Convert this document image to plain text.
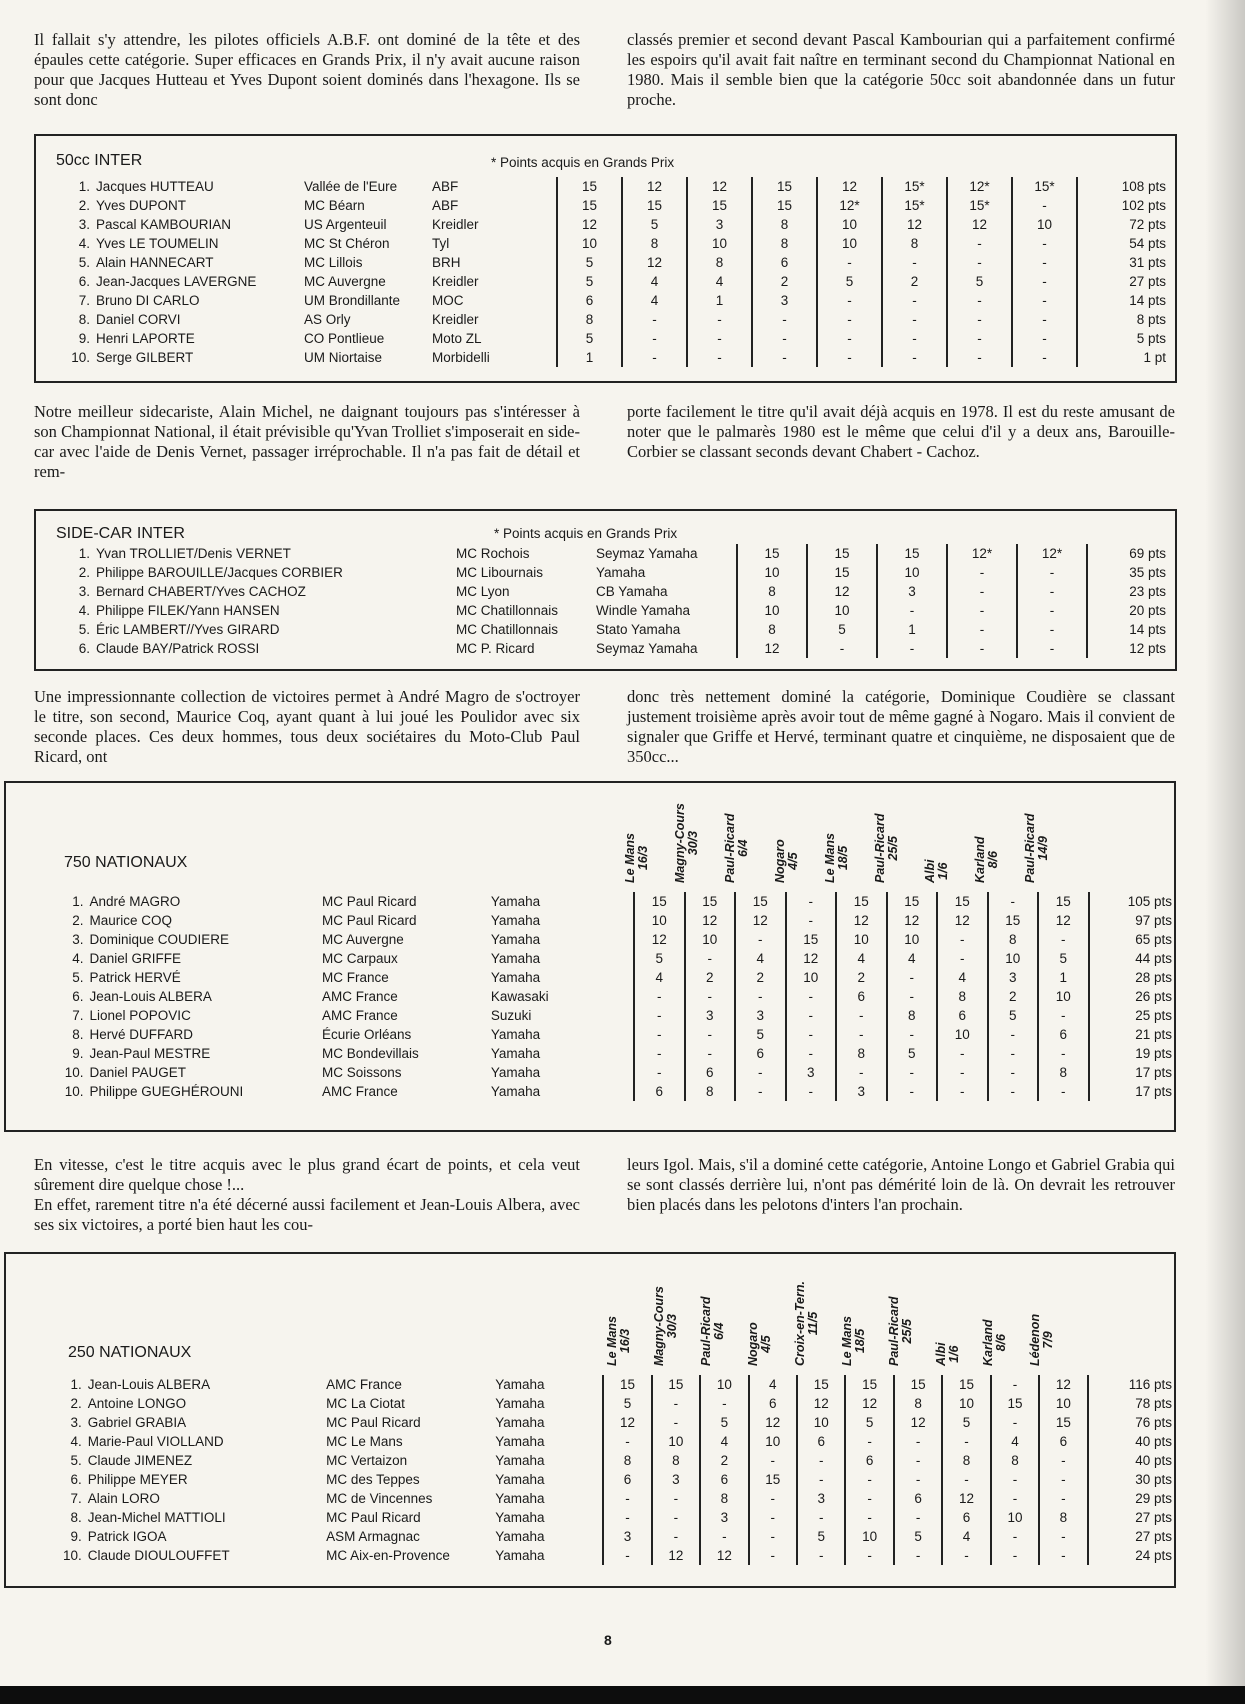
Il fallait s'y attendre, les pilotes officiels A.B.F. ont dominé de la tête et des épaules cette catégorie. Super efficaces en Grands Prix, il n'y avait aucune raison pour que Jacques Hutteau et Yves Dupont soient dominés dans l'hexagone. Ils se sont donc

classés premier et second devant Pascal Kambourian qui a parfaitement confirmé les espoirs qu'il avait fait naître en terminant second du Championnat National en 1980. Mais il semble bien que la catégorie 50cc soit abandonnée dans un futur proche.

50cc INTER	* Points acquis en Grands Prix
1.	Jacques HUTTEAU	Vallée de l'Eure	ABF	15	12	12	15	12	15*	12*	15*	108 pts
2.	Yves DUPONT	MC Béarn	ABF	15	15	15	15	12*	15*	15*	-	102 pts
3.	Pascal KAMBOURIAN	US Argenteuil	Kreidler	12	5	3	8	10	12	12	10	72 pts
4.	Yves LE TOUMELIN	MC St Chéron	Tyl	10	8	10	8	10	8	-	-	54 pts
5.	Alain HANNECART	MC Lillois	BRH	5	12	8	6	-	-	-	-	31 pts
6.	Jean-Jacques LAVERGNE	MC Auvergne	Kreidler	5	4	4	2	5	2	5	-	27 pts
7.	Bruno DI CARLO	UM Brondillante	MOC	6	4	1	3	-	-	-	-	14 pts
8.	Daniel CORVI	AS Orly	Kreidler	8	-	-	-	-	-	-	-	8 pts
9.	Henri LAPORTE	CO Pontlieue	Moto ZL	5	-	-	-	-	-	-	-	5 pts
10.	Serge GILBERT	UM Niortaise	Morbidelli	1	-	-	-	-	-	-	-	1 pt

Notre meilleur sidecariste, Alain Michel, ne daignant toujours pas s'intéresser à son Championnat National, il était prévisible qu'Yvan Trolliet s'imposerait en side-car avec l'aide de Denis Vernet, passager irréprochable. Il n'a pas fait de détail et rem-

porte facilement le titre qu'il avait déjà acquis en 1978. Il est du reste amusant de noter que le palmarès 1980 est le même que celui d'il y a deux ans, Barouille-Corbier se classant seconds devant Chabert - Cachoz.

SIDE-CAR INTER	* Points acquis en Grands Prix
1.	Yvan TROLLIET/Denis VERNET	MC Rochois	Seymaz Yamaha	15	15	15	12*	12*	69 pts
2.	Philippe BAROUILLE/Jacques CORBIER	MC Libournais	Yamaha	10	15	10	-	-	35 pts
3.	Bernard CHABERT/Yves CACHOZ	MC Lyon	CB Yamaha	8	12	3	-	-	23 pts
4.	Philippe FILEK/Yann HANSEN	MC Chatillonnais	Windle Yamaha	10	10	-	-	-	20 pts
5.	Éric LAMBERT//Yves GIRARD	MC Chatillonnais	Stato Yamaha	8	5	1	-	-	14 pts
6.	Claude BAY/Patrick ROSSI	MC P. Ricard	Seymaz Yamaha	12	-	-	-	-	12 pts

Une impressionnante collection de victoires permet à André Magro de s'octroyer le titre, son second, Maurice Coq, ayant quant à lui joué les Poulidor avec six seconde places. Ces deux hommes, tous deux sociétaires du Moto-Club Paul Ricard, ont

donc très nettement dominé la catégorie, Dominique Coudière se classant justement troisième après avoir tout de même gagné à Nogaro. Mais il convient de signaler que Griffe et Hervé, terminant quatre et cinquième, ne disposaient que de 350cc...

750 NATIONAUX	Le Mans 16/3 Magny-Cours 30/3 Paul-Ricard 6/4 Nogaro 4/5 Le Mans 18/5 Paul-Ricard 25/5
Albi 1/6 Karland 8/6 Paul-Ricard 14/9
1.	André MAGRO	MC Paul Ricard	Yamaha	15	15	15	-	15	15	15	-	15	105 pts
2.	Maurice COQ	MC Paul Ricard	Yamaha	10	12	12	-	12	12	12	15	12	97 pts
3.	Dominique COUDIERE	MC Auvergne	Yamaha	12	10	-	15	10	10	-	8	-	65 pts
4.	Daniel GRIFFE	MC Carpaux	Yamaha	5	-	4	12	4	4	-	10	5	44 pts
5.	Patrick HERVÉ	MC France	Yamaha	4	2	2	10	2	-	4	3	1	28 pts
6.	Jean-Louis ALBERA	AMC France	Kawasaki	-	-	-	-	6	-	8	2	10	26 pts
7.	Lionel POPOVIC	AMC France	Suzuki	-	3	3	-	-	8	6	5	-	25 pts
8.	Hervé DUFFARD	Écurie Orléans	Yamaha	-	-	5	-	-	-	10	-	6	21 pts
9.	Jean-Paul MESTRE	MC Bondevillais	Yamaha	-	-	6	-	8	5	-	-	-	19 pts
10.	Daniel PAUGET	MC Soissons	Yamaha	-	6	-	3	-	-	-	-	8	17 pts
10.	Philippe GUEGHÉROUNI	AMC France	Yamaha	6	8	-	-	3	-	-	-	-	17 pts

En vitesse, c'est le titre acquis avec le plus grand écart de points, et cela veut sûrement dire quelque chose !...
En effet, rarement titre n'a été décerné aussi facilement et Jean-Louis Albera, avec ses six victoires, a porté bien haut les cou-

leurs Igol. Mais, s'il a dominé cette catégorie, Antoine Longo et Gabriel Grabia qui se sont classés derrière lui, n'ont pas démérité loin de là. On devrait les retrouver bien placés dans les pelotons d'inters l'an prochain.

250 NATIONAUX	Le Mans 16/3 Magny-Cours 30/3 Paul-Ricard 6/4 Nogaro 4/5 Croix-en-Tern. 11/5 Le Mans 18/5 Paul-Ricard 25/5
Albi 1/6 Karland 8/6 Lédenon 7/9
1.	Jean-Louis ALBERA	AMC France	Yamaha	15	15	10	4	15	15	15	15	-	12	116 pts
2.	Antoine LONGO	MC La Ciotat	Yamaha	5	-	-	6	12	12	8	10	15	10	78 pts
3.	Gabriel GRABIA	MC Paul Ricard	Yamaha	12	-	5	12	10	5	12	5	-	15	76 pts
4.	Marie-Paul VIOLLAND	MC Le Mans	Yamaha	-	10	4	10	6	-	-	-	4	6	40 pts
5.	Claude JIMENEZ	MC Vertaizon	Yamaha	8	8	2	-	-	6	-	8	8	-	40 pts
6.	Philippe MEYER	MC des Teppes	Yamaha	6	3	6	15	-	-	-	-	-	-	30 pts
7.	Alain LORO	MC de Vincennes	Yamaha	-	-	8	-	3	-	6	12	-	-	29 pts
8.	Jean-Michel MATTIOLI	MC Paul Ricard	Yamaha	-	-	3	-	-	-	-	6	10	8	27 pts
9.	Patrick IGOA	ASM Armagnac	Yamaha	3	-	-	-	5	10	5	4	-	-	27 pts
10.	Claude DIOULOUFFET	MC Aix-en-Provence	Yamaha	-	12	12	-	-	-	-	-	-	-	24 pts
8
